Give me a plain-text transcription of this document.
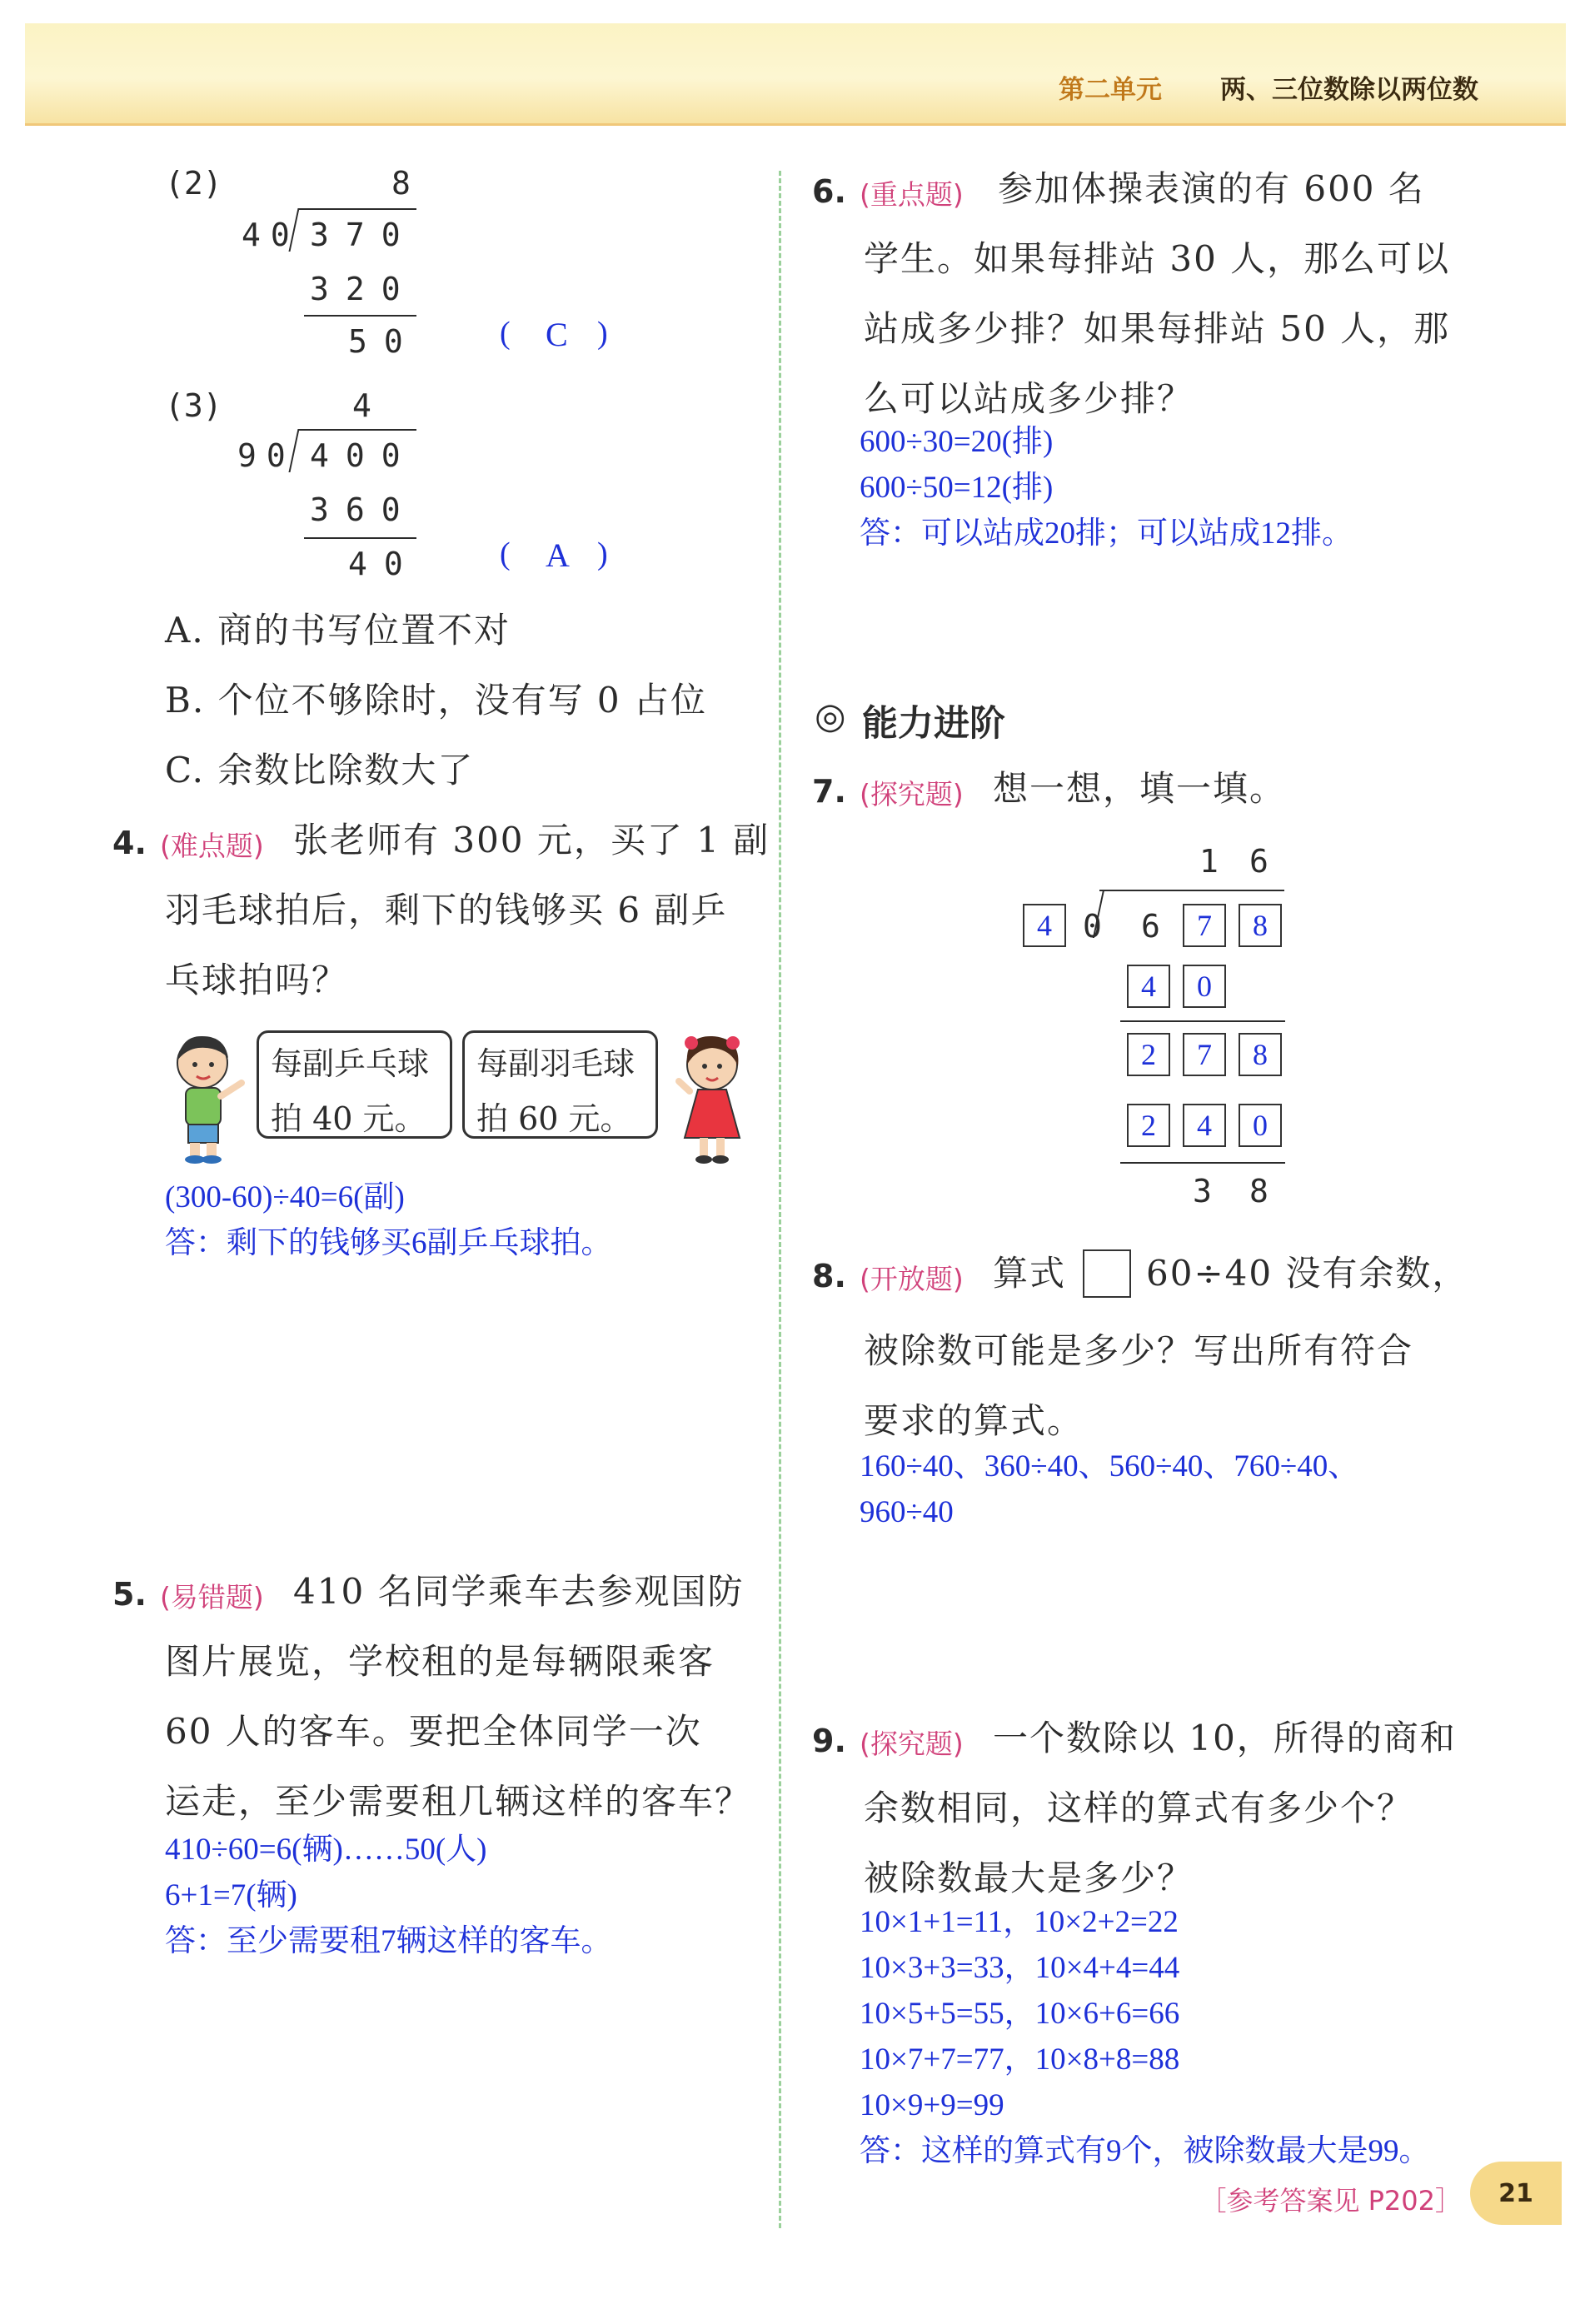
第二单元 两、三位数除以两位数
(2)	8
40 370
320
50	( C )
(3)	4
90 400
360
40	( A )
A. 商的书写位置不对
B. 个位不够除时，没有写 0 占位
C. 余数比除数大了
4. (难点题) 张老师有 300 元，买了 1 副
羽毛球拍后，剩下的钱够买 6 副乒
乓球拍吗？
每副乒乓球
拍 40 元。
每副羽毛球
拍 60 元。
(300-60)÷40=6(副)
答：剩下的钱够买6副乒乓球拍。
5. (易错题) 410 名同学乘车去参观国防
图片展览，学校租的是每辆限乘客
60 人的客车。要把全体同学一次
运走，至少需要租几辆这样的客车？
410÷60=6(辆)……50(人)
6+1=7(辆)
答：至少需要租7辆这样的客车。
6. (重点题) 参加体操表演的有 600 名
学生。如果每排站 30 人，那么可以
站成多少排？如果每排站 50 人，那
么可以站成多少排？
600÷30=20(排)
600÷50=12(排)
答：可以站成20排；可以站成12排。
◎ 能力进阶
7. (探究题) 想一想，填一填。
1 6
4 0 6	7	8
4	0
2	7	8
2	4	0
3 8
8. (开放题) 算式 60÷40 没有余数，
被除数可能是多少？写出所有符合
要求的算式。
160÷40、360÷40、560÷40、760÷40、
960÷40
9. (探究题) 一个数除以 10，所得的商和
余数相同，这样的算式有多少个？
被除数最大是多少？
10×1+1=11，10×2+2=22
10×3+3=33，10×4+4=44
10×5+5=55，10×6+6=66
10×7+7=77，10×8+8=88
10×9+9=99
答：这样的算式有9个，被除数最大是99。
［参考答案见 P202］	21
